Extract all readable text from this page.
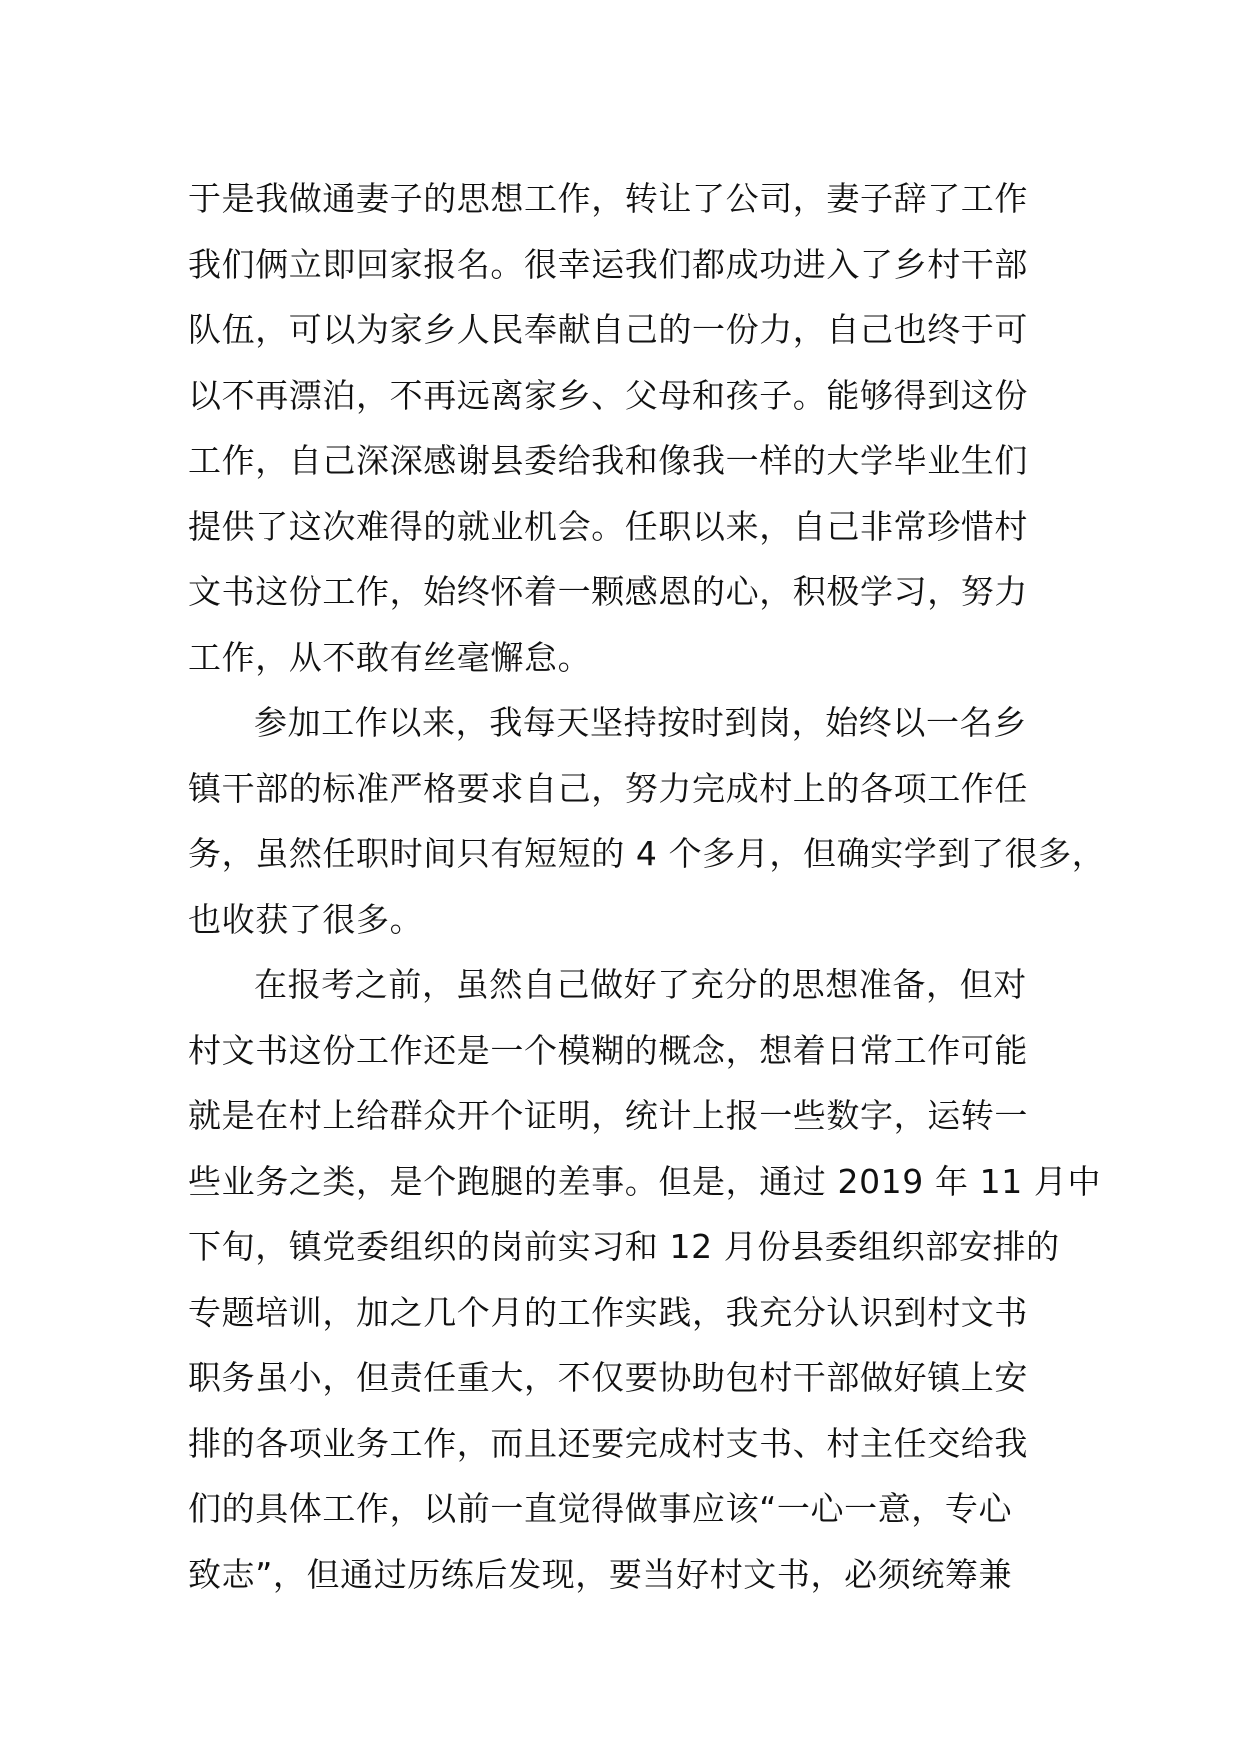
于是我做通妻子的思想工作，转让了公司，妻子辞了工作
我们俩立即回家报名。很幸运我们都成功进入了乡村干部
队伍，可以为家乡人民奉献自己的一份力，自己也终于可
以不再漂泊，不再远离家乡、父母和孩子。能够得到这份
工作，自己深深感谢县委给我和像我一样的大学毕业生们
提供了这次难得的就业机会。任职以来，自己非常珍惜村
文书这份工作，始终怀着一颗感恩的心，积极学习，努力
工作，从不敢有丝毫懈怠。
参加工作以来，我每天坚持按时到岗，始终以一名乡
镇干部的标准严格要求自己，努力完成村上的各项工作任
务，虽然任职时间只有短短的 4 个多月，但确实学到了很多，
也收获了很多。
在报考之前，虽然自己做好了充分的思想准备，但对
村文书这份工作还是一个模糊的概念，想着日常工作可能
就是在村上给群众开个证明，统计上报一些数字，运转一
些业务之类，是个跑腿的差事。但是，通过 2019 年 11 月中
下旬，镇党委组织的岗前实习和 12 月份县委组织部安排的
专题培训，加之几个月的工作实践，我充分认识到村文书
职务虽小，但责任重大，不仅要协助包村干部做好镇上安
排的各项业务工作，而且还要完成村支书、村主任交给我
们的具体工作，以前一直觉得做事应该“一心一意，专心
致志”，但通过历练后发现，要当好村文书，必须统筹兼
